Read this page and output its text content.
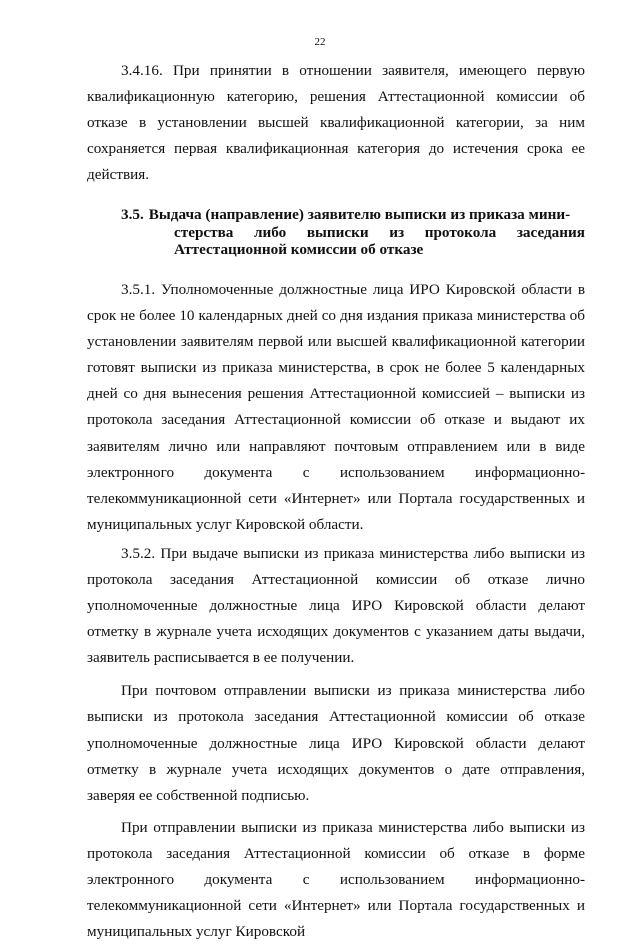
22

3.4.16. При принятии в отношении заявителя, имеющего первую квалификационную категорию, решения Аттестационной комиссии об отказе в установлении высшей квалификационной категории, за ним сохраняется первая квалификационная категория до истечения срока ее действия.

3.5. Выдача (направление) заявителю выписки из приказа мини-
стерства либо выписки из протокола заседания Аттестационной комиссии об отказе

3.5.1. Уполномоченные должностные лица ИРО Кировской области в срок не более 10 календарных дней со дня издания приказа министерства об установлении заявителям первой или высшей квалификационной категории готовят выписки из приказа министерства, в срок не более 5 календарных дней со дня вынесения решения Аттестационной комиссией – выписки из протокола заседания Аттестационной комиссии об отказе и выдают их заявителям лично или направляют почтовым отправлением или в виде электронного документа с использованием информационно-телекоммуникационной сети «Интернет» или Портала государственных и муниципальных услуг Кировской области.

3.5.2. При выдаче выписки из приказа министерства либо выписки из протокола заседания Аттестационной комиссии об отказе лично уполномоченные должностные лица ИРО Кировской области делают отметку в журнале учета исходящих документов с указанием даты выдачи, заявитель расписывается в ее получении.

При почтовом отправлении выписки из приказа министерства либо выписки из протокола заседания Аттестационной комиссии об отказе уполномоченные должностные лица ИРО Кировской области делают отметку в журнале учета исходящих документов о дате отправления, заверяя ее собственной подписью.

При отправлении выписки из приказа министерства либо выписки из протокола заседания Аттестационной комиссии об отказе в форме электронного документа с использованием информационно-телекоммуникационной сети «Интернет» или Портала государственных и муниципальных услуг Кировской
